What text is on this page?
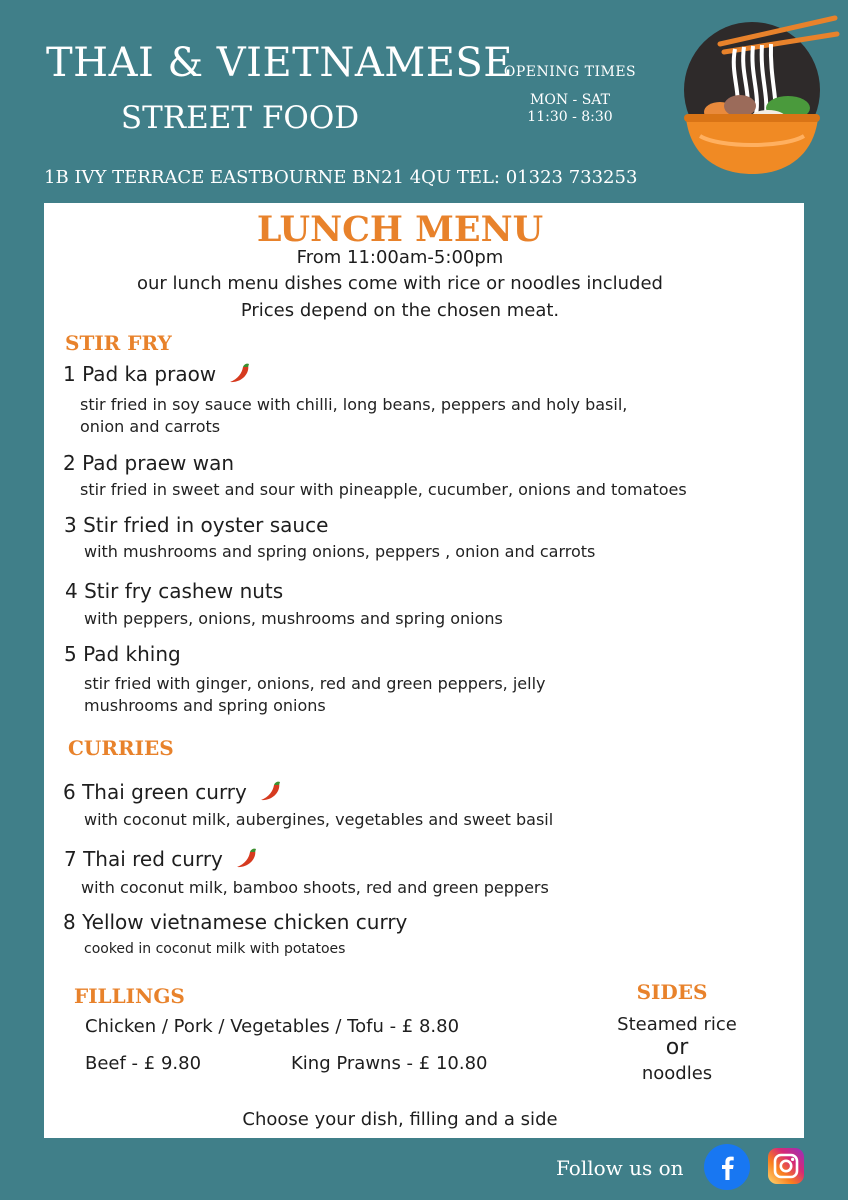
THAI & VIETNAMESE
STREET FOOD
OPENING TIMES
MON - SAT
11:30 - 8:30
1B IVY TERRACE EASTBOURNE BN21 4QU TEL: 01323 733253
LUNCH MENU
From 11:00am-5:00pm
our lunch menu dishes come with rice or noodles included
Prices depend on the chosen meat.
STIR FRY
1 Pad ka praow
stir fried in soy sauce with chilli, long beans, peppers and holy basil,
onion and carrots
2 Pad praew wan
stir fried in sweet and sour with pineapple, cucumber, onions and tomatoes
3 Stir fried in oyster sauce
with mushrooms and spring onions, peppers , onion and carrots
4 Stir fry cashew nuts
with peppers, onions, mushrooms and spring onions
5 Pad khing
stir fried with ginger, onions, red and green peppers, jelly
mushrooms and spring onions
CURRIES
6 Thai green curry
with coconut milk, aubergines, vegetables and sweet basil
7 Thai red curry
with coconut milk, bamboo shoots, red and green peppers
8 Yellow vietnamese chicken curry
cooked in coconut milk with potatoes
FILLINGS
Chicken / Pork / Vegetables / Tofu - £ 8.80
Beef - £ 9.80	King Prawns - £ 10.80
SIDES
Steamed rice
or
noodles
Choose your dish, filling and a side
Follow us on
